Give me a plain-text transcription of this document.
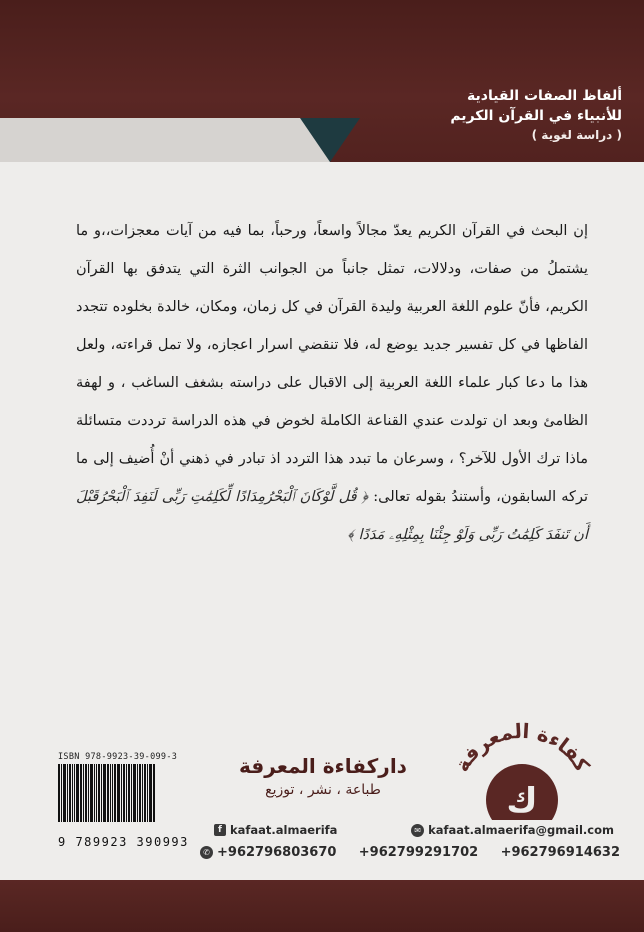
ألفاظ الصفات القيادية
للأنبياء في القرآن الكريم
( دراسة لغوية )

إن البحث في القرآن الكريم يعدّ مجالاً واسعاً، ورحباً، بما فيه من آيات معجزات،،و ما يشتملُ من صفات، ودلالات، تمثل جانباً من الجوانب الثرة التي يتدفق بها القرآن الكريم، فأنّ علوم اللغة العربية وليدة القرآن في كل زمان، ومكان، خالدة بخلوده تتجدد الفاظها في كل تفسير جديد يوضع له، فلا تنقضي اسرار اعجازه، ولا تمل قراءته، ولعل هذا ما دعا كبار علماء اللغة العربية إلى الاقبال على دراسته بشغف الساغب ، و لهفة الظامئ وبعد ان تولدت عندي القناعة الكاملة لخوض في هذه الدراسة ترددت متسائلة ماذا ترك الأول للآخر؟ ، وسرعان ما تبدد هذا التردد اذ تبادر في ذهني أنْ أُضيف إلى ما تركه السابقون، وأستندُ بقوله تعالى: ﴿ قُل لَّوْكَانَ ٱلْبَحْرُمِدَادًا لِّكَلِمَٰتِ رَبِّى لَنَفِدَ ٱلْبَحْرُقَبْلَ أَن تَنفَدَ كَلِمَٰتُ رَبِّى وَلَوْ جِئْنَا بِمِثْلِهِۦ مَدَدًا ﴾

ISBN 978-9923-39-099-3
9 789923 390993
داركفاءة المعرفة
طباعة ، نشر ، توزيع	ك
كفاءة المعرفة
f kafaat.almaerifa	✉ kafaat.almaerifa@gmail.com
✆ +962796803670 +962799291702 +962796914632
